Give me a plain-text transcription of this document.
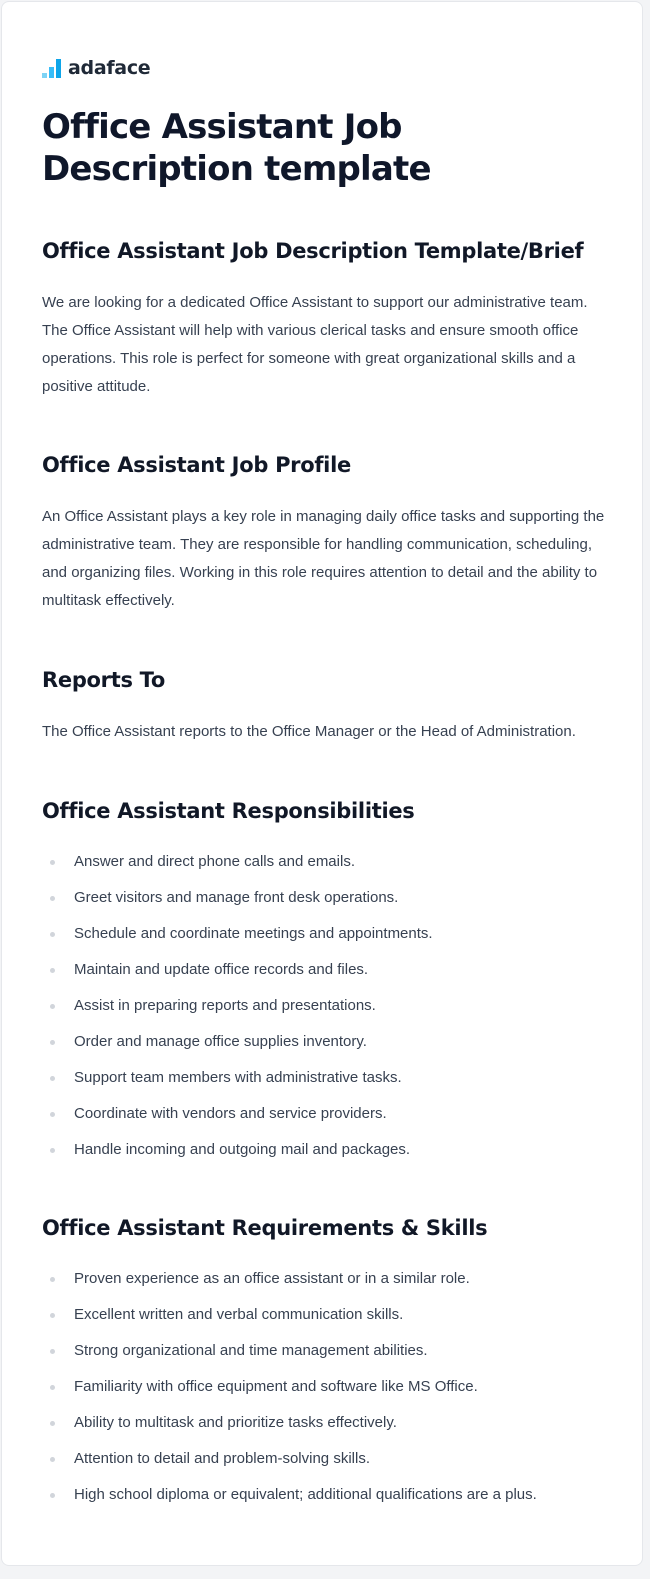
adaface
Office Assistant Job Description template
Office Assistant Job Description Template/Brief

We are looking for a dedicated Office Assistant to support our administrative team. The Office Assistant will help with various clerical tasks and ensure smooth office operations. This role is perfect for someone with great organizational skills and a positive attitude.

Office Assistant Job Profile

An Office Assistant plays a key role in managing daily office tasks and supporting the administrative team. They are responsible for handling communication, scheduling, and organizing files. Working in this role requires attention to detail and the ability to multitask effectively.

Reports To

The Office Assistant reports to the Office Manager or the Head of Administration.

Office Assistant Responsibilities
Answer and direct phone calls and emails.
Greet visitors and manage front desk operations.
Schedule and coordinate meetings and appointments.
Maintain and update office records and files.
Assist in preparing reports and presentations.
Order and manage office supplies inventory.
Support team members with administrative tasks.
Coordinate with vendors and service providers.
Handle incoming and outgoing mail and packages.
Office Assistant Requirements & Skills
Proven experience as an office assistant or in a similar role.
Excellent written and verbal communication skills.
Strong organizational and time management abilities.
Familiarity with office equipment and software like MS Office.
Ability to multitask and prioritize tasks effectively.
Attention to detail and problem-solving skills.
High school diploma or equivalent; additional qualifications are a plus.
